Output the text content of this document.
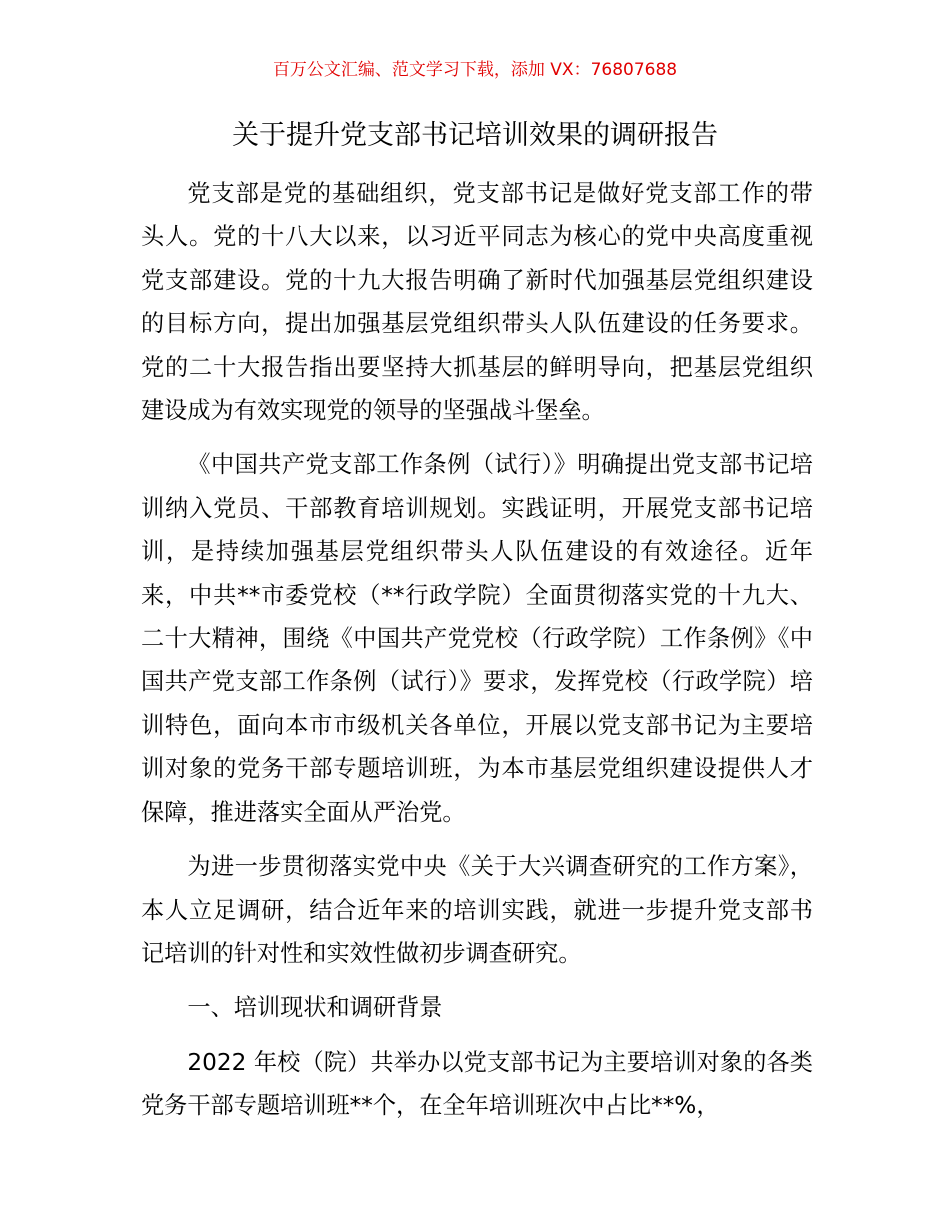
百万公文汇编、范文学习下载，添加 VX：76807688
关于提升党支部书记培训效果的调研报告

党支部是党的基础组织，党支部书记是做好党支部工作的带头人。党的十八大以来，以习近平同志为核心的党中央高度重视党支部建设。党的十九大报告明确了新时代加强基层党组织建设的目标方向，提出加强基层党组织带头人队伍建设的任务要求。党的二十大报告指出要坚持大抓基层的鲜明导向，把基层党组织建设成为有效实现党的领导的坚强战斗堡垒。

《中国共产党支部工作条例（试行）》明确提出党支部书记培训纳入党员、干部教育培训规划。实践证明，开展党支部书记培训，是持续加强基层党组织带头人队伍建设的有效途径。近年来，中共**市委党校（**行政学院）全面贯彻落实党的十九大、二十大精神，围绕《中国共产党党校（行政学院）工作条例》《中国共产党支部工作条例（试行）》要求，发挥党校（行政学院）培训特色，面向本市市级机关各单位，开展以党支部书记为主要培训对象的党务干部专题培训班，为本市基层党组织建设提供人才保障，推进落实全面从严治党。

为进一步贯彻落实党中央《关于大兴调查研究的工作方案》，本人立足调研，结合近年来的培训实践，就进一步提升党支部书记培训的针对性和实效性做初步调查研究。

一、培训现状和调研背景

2022 年校（院）共举办以党支部书记为主要培训对象的各类党务干部专题培训班**个，在全年培训班次中占比**%，
